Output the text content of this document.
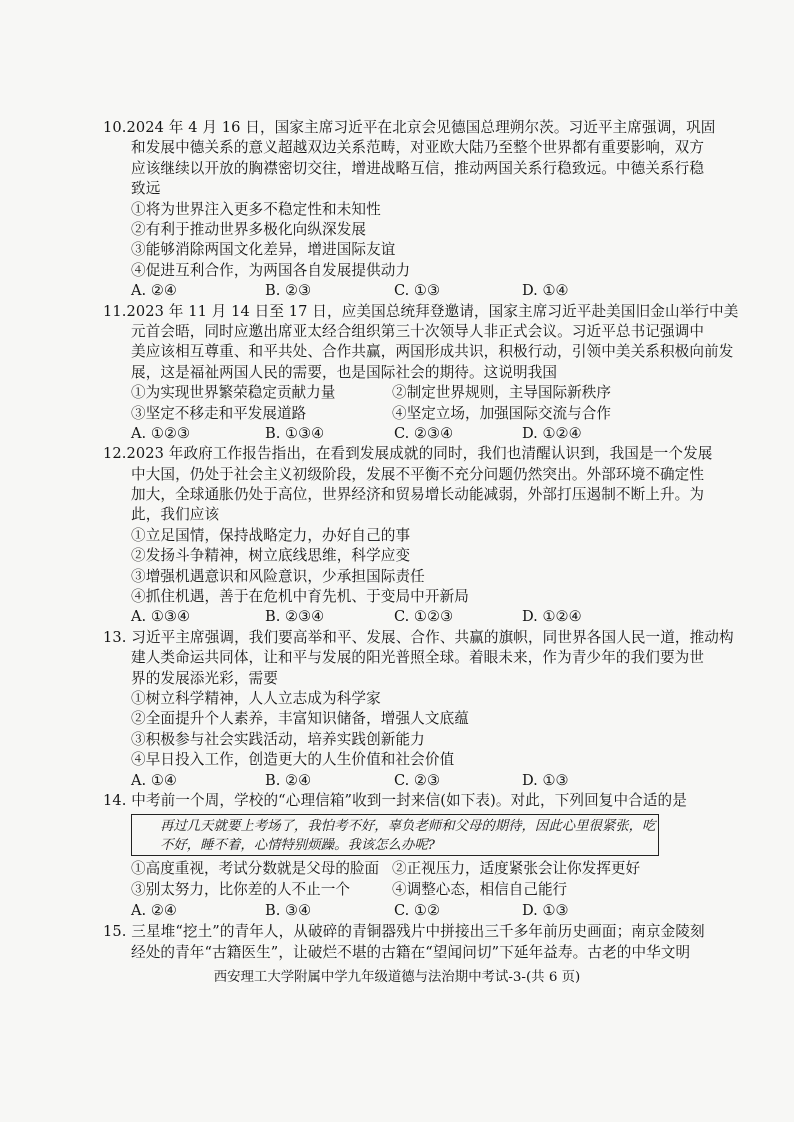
10.2024 年 4 月 16 日，国家主席习近平在北京会见德国总理朔尔茨。习近平主席强调，巩固
和发展中德关系的意义超越双边关系范畴，对亚欧大陆乃至整个世界都有重要影响，双方
应该继续以开放的胸襟密切交往，增进战略互信，推动两国关系行稳致远。中德关系行稳
致远
①将为世界注入更多不稳定性和未知性
②有利于推动世界多极化向纵深发展
③能够消除两国文化差异，增进国际友谊
④促进互利合作，为两国各自发展提供动力
A. ②④	B. ②③	C. ①③	D. ①④
11.2023 年 11 月 14 日至 17 日，应美国总统拜登邀请，国家主席习近平赴美国旧金山举行中美
元首会晤，同时应邀出席亚太经合组织第三十次领导人非正式会议。习近平总书记强调中
美应该相互尊重、和平共处、合作共赢，两国形成共识，积极行动，引领中美关系积极向前发
展，这是福祉两国人民的需要，也是国际社会的期待。这说明我国
①为实现世界繁荣稳定贡献力量	②制定世界规则，主导国际新秩序
③坚定不移走和平发展道路	④坚定立场，加强国际交流与合作
A. ①②③	B. ①③④	C. ②③④	D. ①②④
12.2023 年政府工作报告指出，在看到发展成就的同时，我们也清醒认识到，我国是一个发展
中大国，仍处于社会主义初级阶段，发展不平衡不充分问题仍然突出。外部环境不确定性
加大，全球通胀仍处于高位，世界经济和贸易增长动能减弱，外部打压遏制不断上升。为
此，我们应该
①立足国情，保持战略定力，办好自己的事
②发扬斗争精神，树立底线思维，科学应变
③增强机遇意识和风险意识，少承担国际责任
④抓住机遇，善于在危机中育先机、于变局中开新局
A. ①③④	B. ②③④	C. ①②③	D. ①②④
13. 习近平主席强调，我们要高举和平、发展、合作、共赢的旗帜，同世界各国人民一道，推动构
建人类命运共同体，让和平与发展的阳光普照全球。着眼未来，作为青少年的我们要为世
界的发展添光彩，需要
①树立科学精神，人人立志成为科学家
②全面提升个人素养，丰富知识储备，增强人文底蕴
③积极参与社会实践活动，培养实践创新能力
④早日投入工作，创造更大的人生价值和社会价值
A. ①④	B. ②④	C. ②③	D. ①③
14. 中考前一个周，学校的“心理信箱”收到一封来信(如下表)。对此，下列回复中合适的是
再过几天就要上考场了，我怕考不好，辜负老师和父母的期待，因此心里很紧张，吃
不好，睡不着，心情特别烦躁。我该怎么办呢?
①高度重视，考试分数就是父母的脸面 ②正视压力，适度紧张会让你发挥更好
③别太努力，比你差的人不止一个	④调整心态，相信自己能行
A. ②④	B. ③④	C. ①②	D. ①③
15. 三星堆“挖土”的青年人，从破碎的青铜器残片中拼接出三千多年前历史画面；南京金陵刻
经处的青年“古籍医生”，让破烂不堪的古籍在“望闻问切”下延年益寿。古老的中华文明
西安理工大学附属中学九年级道德与法治期中考试-3-(共 6 页)
